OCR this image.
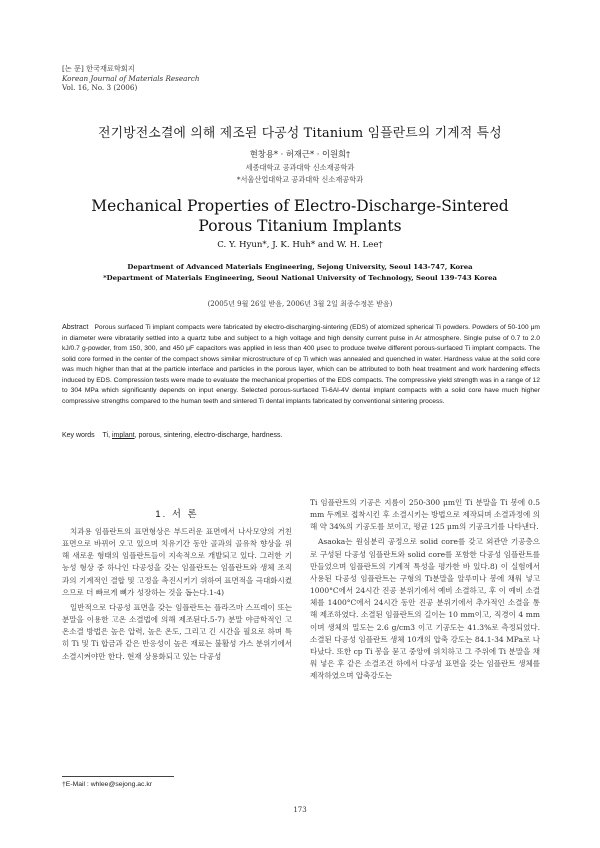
[논 문] 한국재료학회지
Korean Journal of Materials Research
Vol. 16, No. 3 (2006)
전기방전소결에 의해 제조된 다공성 Titanium 임플란트의 기계적 특성
현창용* · 허재근* · 이원희†
세종대학교 공과대학 신소재공학과
*서울산업대학교 공과대학 신소재공학과
Mechanical Properties of Electro-Discharge-Sintered
Porous Titanium Implants
C. Y. Hyun*, J. K. Huh* and W. H. Lee†
Department of Advanced Materials Engineering, Sejong University, Seoul 143-747, Korea
*Department of Materials Engineering, Seoul National University of Technology, Seoul 139-743 Korea
(2005년 9월 26일 받음, 2006년 3월 2일 최종수정본 받음)
Abstract Porous surfaced Ti implant compacts were fabricated by electro-discharging-sintering (EDS) of atomized spherical Ti powders. Powders of 50-100 μm in diameter were vibratarily settled into a quartz tube and subject to a high voltage and high density current pulse in Ar atmosphere. Single pulse of 0.7 to 2.0 kJ/0.7 g-powder, from 150, 300, and 450 μF capacitors was applied in less than 400 μsec to produce twelve different porous-surfaced Ti implant compacts. The solid core formed in the center of the compact shows similar microstructure of cp Ti which was annealed and quenched in water. Hardness value at the solid core was much higher than that at the particle interface and particles in the porous layer, which can be attributed to both heat treatment and work hardening effects induced by EDS. Compression tests were made to evaluate the mechanical properties of the EDS compacts. The compressive yield strength was in a range of 12 to 304 MPa which significantly depends on input energy. Selected porous-surfaced Ti-6Al-4V dental implant compacts with a solid core have much higher compressive strengths compared to the human teeth and sintered Ti dental implants fabricated by conventional sintering process.
Key words Ti, implant, porous, sintering, electro-discharge, hardness.
1. 서 론

치과용 임플란트의 표면형상은 부드러운 표면에서 나사모양의 거친 표면으로 바뀌어 오고 있으며 치유기간 동안 골과의 골유착 향상을 위해 새로운 형태의 임플란트들이 지속적으로 개발되고 있다. 그러한 기능성 형상 중 하나인 다공성을 갖는 임플란트는 임플란트와 생체 조직과의 기계적인 결합 및 고정을 촉진시키기 위하여 표면적을 극대화시켰으므로 더 빠르게 뼈가 성장하는 것을 돕는다.1-4)

일반적으로 다공성 표면을 갖는 임플란트는 플라즈마 스프레이 또는 분말을 이용한 고온 소결법에 의해 제조된다.5-7) 분말 야금학적인 고온소결 방법은 높은 압력, 높은 온도, 그리고 긴 시간을 필요로 하며 특히 Ti 및 Ti 합금과 같은 반응성이 높은 재료는 불활성 가스 분위기에서 소결시켜야만 한다. 현재 상용화되고 있는 다공성

Ti 임플란트의 기공은 지름이 250-300 μm인 Ti 분말을 Ti 봉에 0.5 mm 두께로 접착시킨 후 소결시키는 방법으로 제작되며 소결과정에 의해 약 34%의 기공도를 보이고, 평균 125 μm의 기공크기를 나타낸다.

Asaoka는 원심분리 공정으로 solid core를 갖고 외관만 기공층으로 구성된 다공성 임플란트와 solid core를 포함한 다공성 임플란트를 만들었으며 임플란트의 기계적 특성을 평가한 바 있다.8) 이 실험에서 사용된 다공성 임플란트는 구형의 Ti분말을 알루미나 봉에 채워 넣고 1000°C에서 24시간 진공 분위기에서 예비 소결하고, 후 이 예비 소결체를 1400°C에서 24시간 동안 진공 분위기에서 추가적인 소결을 통해 제조하였다. 소결된 임플란트의 길이는 10 mm이고, 직경이 4 mm이며 생체의 밀도는 2.6 g/cm3 이고 기공도는 41.3%로 측정되었다. 소결된 다공성 임플란트 생체 10개의 압축 강도는 84.1-34 MPa로 나타났다. 또한 cp Ti 봉을 묻고 중앙에 위치하고 그 주위에 Ti 분말을 채워 넣은 후 같은 소결조건 하에서 다공성 표면을 갖는 임플란트 생체를 제작하였으며 압축강도는

†E-Mail : whlee@sejong.ac.kr
173
